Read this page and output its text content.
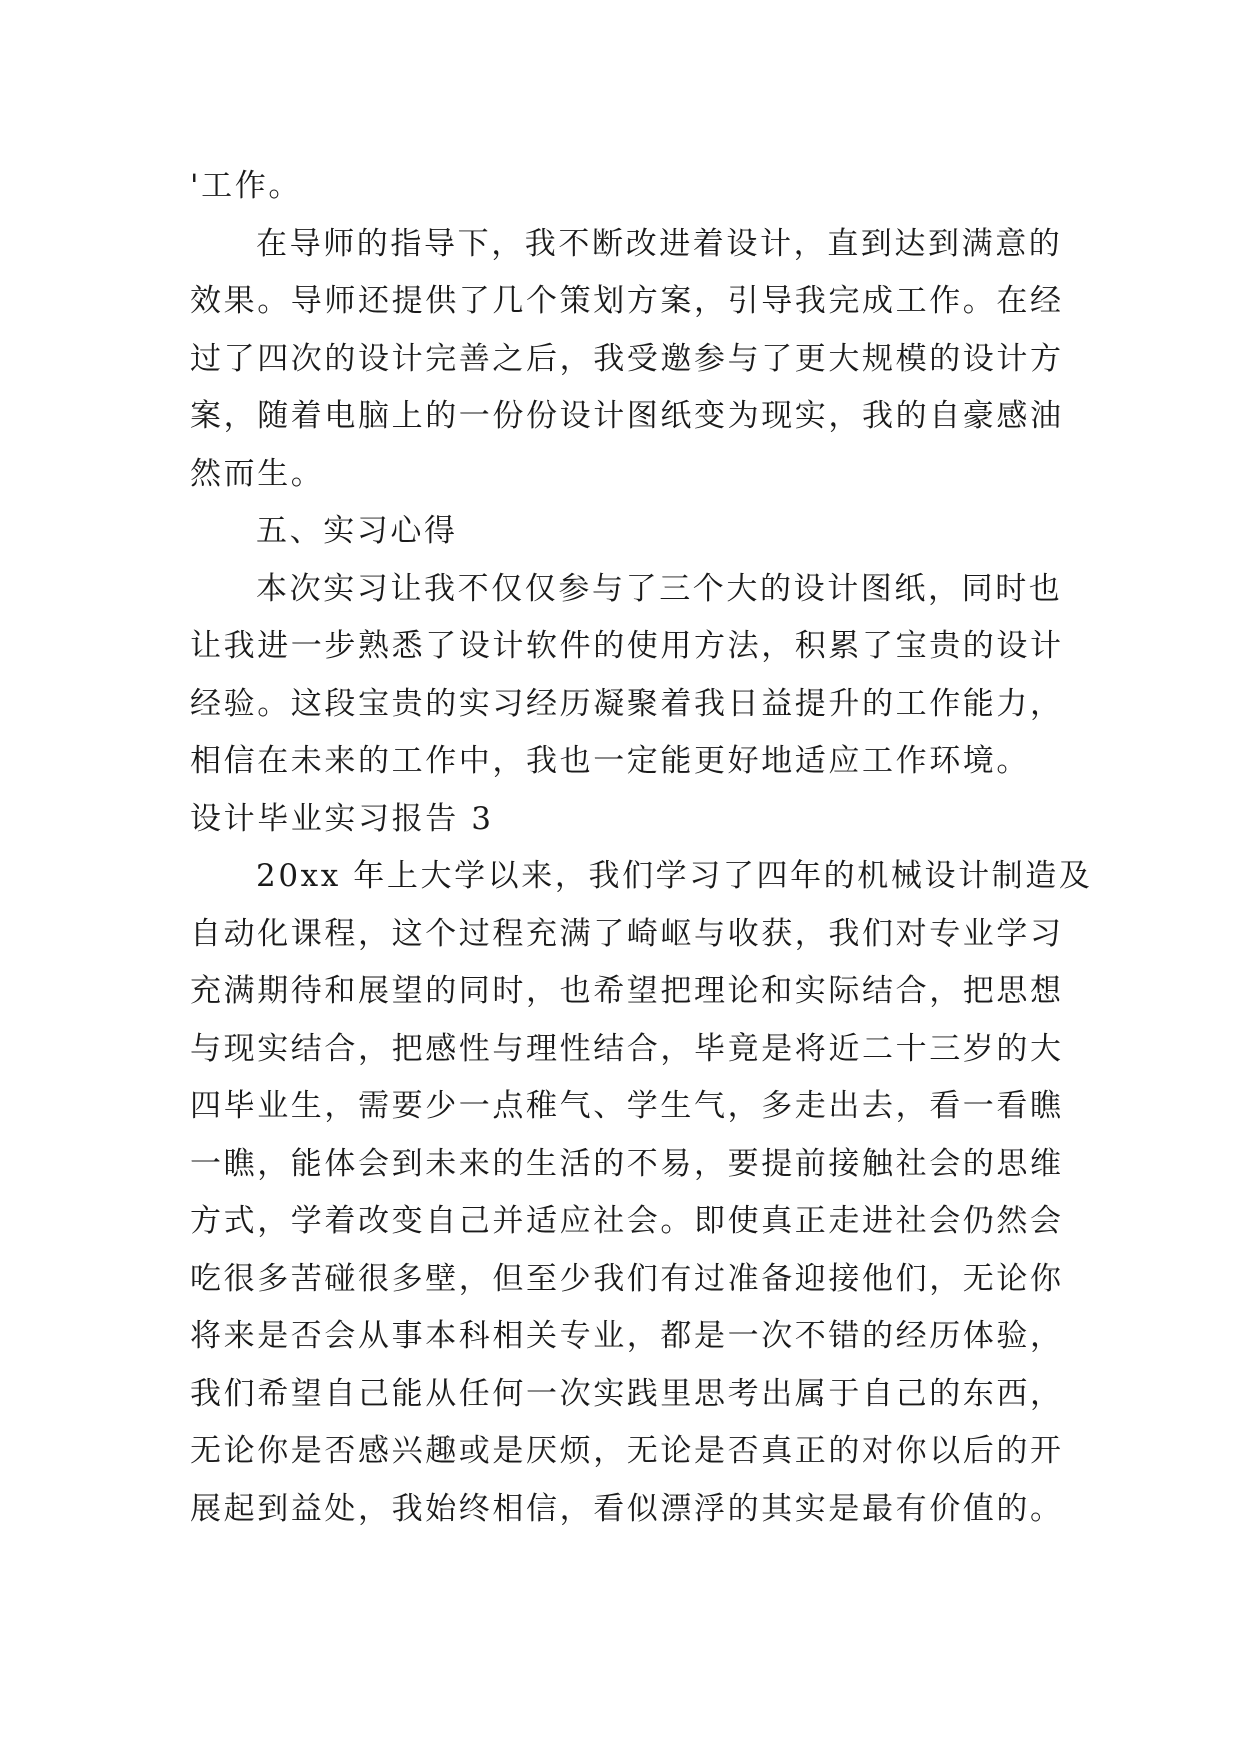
'工作。

在导师的指导下，我不断改进着设计，直到达到满意的

效果。导师还提供了几个策划方案，引导我完成工作。在经

过了四次的设计完善之后，我受邀参与了更大规模的设计方

案，随着电脑上的一份份设计图纸变为现实，我的自豪感油

然而生。

五、实习心得

本次实习让我不仅仅参与了三个大的设计图纸，同时也

让我进一步熟悉了设计软件的使用方法，积累了宝贵的设计

经验。这段宝贵的实习经历凝聚着我日益提升的工作能力，

相信在未来的工作中，我也一定能更好地适应工作环境。

设计毕业实习报告 3

20xx 年上大学以来，我们学习了四年的机械设计制造及

自动化课程，这个过程充满了崎岖与收获，我们对专业学习

充满期待和展望的同时，也希望把理论和实际结合，把思想

与现实结合，把感性与理性结合，毕竟是将近二十三岁的大

四毕业生，需要少一点稚气、学生气，多走出去，看一看瞧

一瞧，能体会到未来的生活的不易，要提前接触社会的思维

方式，学着改变自己并适应社会。即使真正走进社会仍然会

吃很多苦碰很多壁，但至少我们有过准备迎接他们，无论你

将来是否会从事本科相关专业，都是一次不错的经历体验，

我们希望自己能从任何一次实践里思考出属于自己的东西，

无论你是否感兴趣或是厌烦，无论是否真正的对你以后的开

展起到益处，我始终相信，看似漂浮的其实是最有价值的。
